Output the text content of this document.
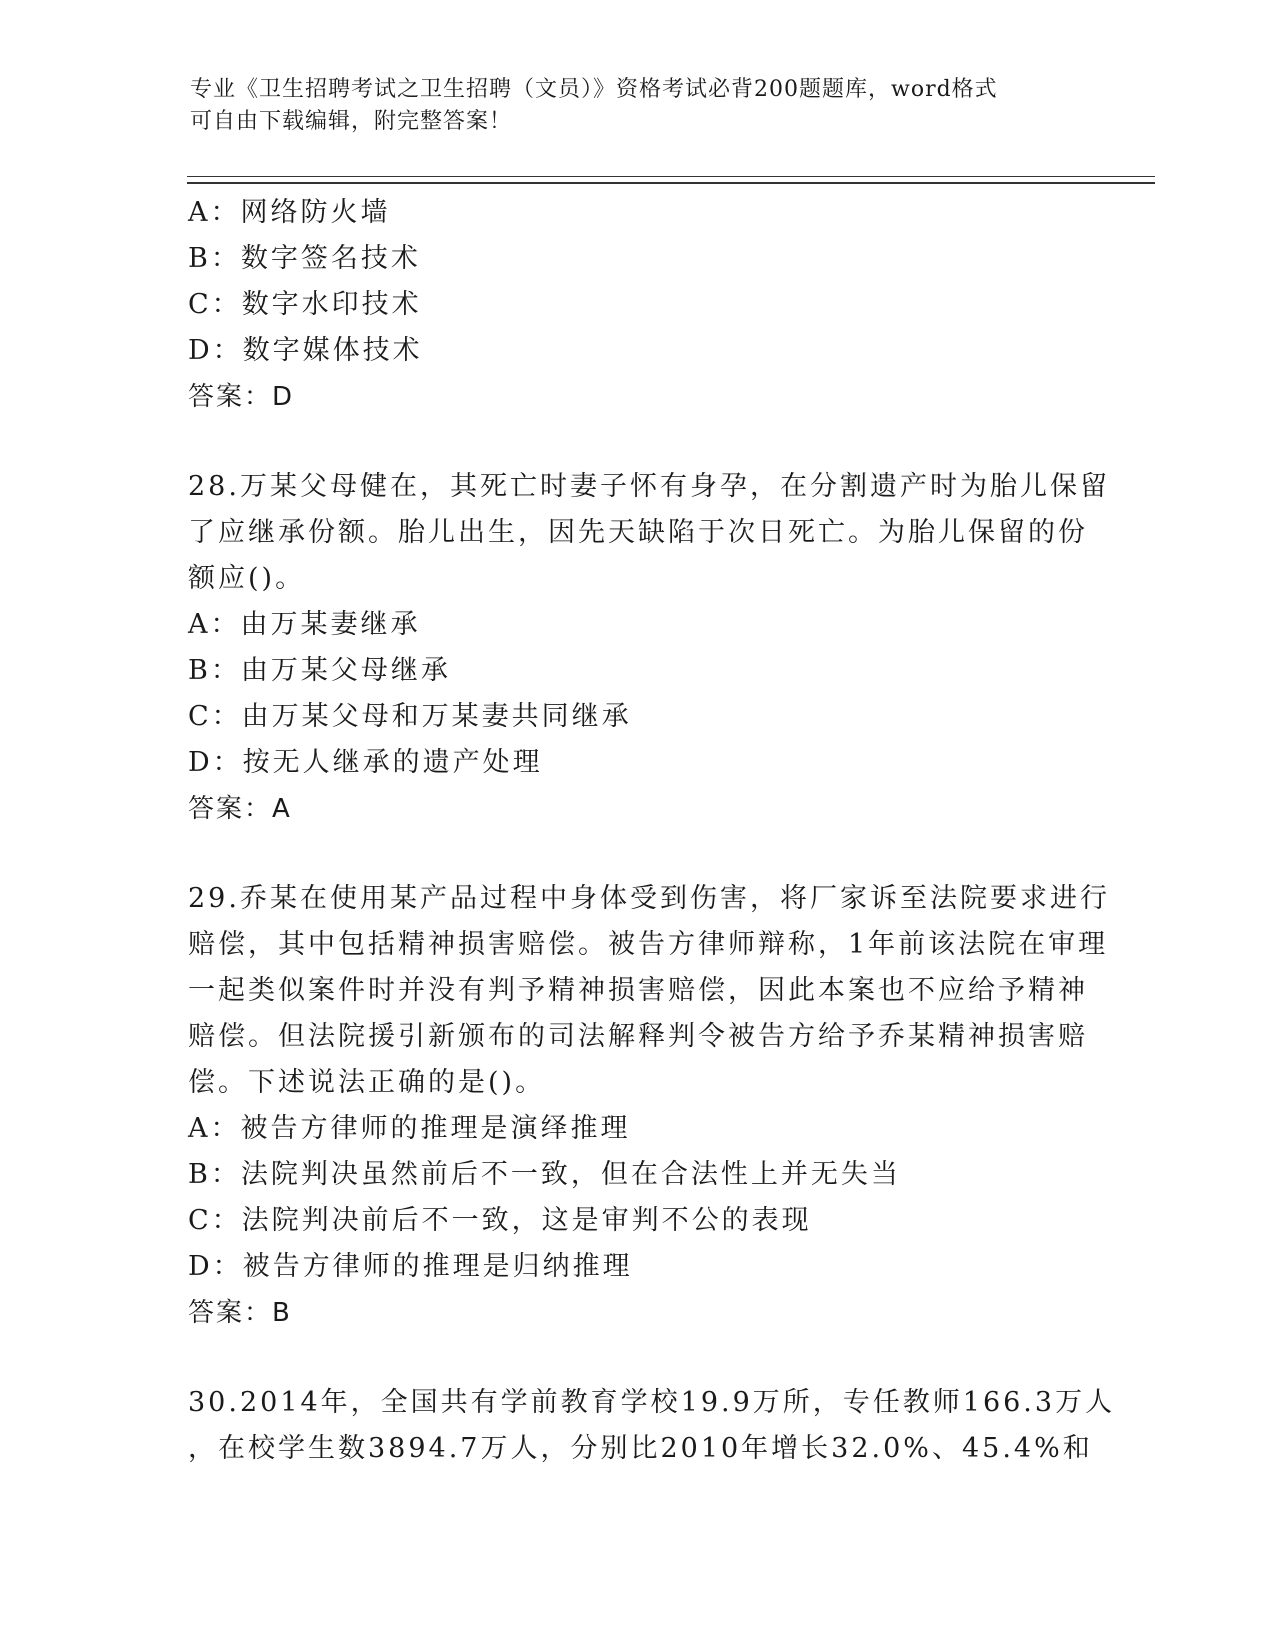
专业《卫生招聘考试之卫生招聘（文员）》资格考试必背200题题库，word格式
可自由下载编辑，附完整答案！
A：网络防火墙
B：数字签名技术
C：数字水印技术
D：数字媒体技术
答案：D
28.万某父母健在，其死亡时妻子怀有身孕，在分割遗产时为胎儿保留
了应继承份额。胎儿出生，因先天缺陷于次日死亡。为胎儿保留的份
额应()。
A：由万某妻继承
B：由万某父母继承
C：由万某父母和万某妻共同继承
D：按无人继承的遗产处理
答案：A
29.乔某在使用某产品过程中身体受到伤害，将厂家诉至法院要求进行
赔偿，其中包括精神损害赔偿。被告方律师辩称，1年前该法院在审理
一起类似案件时并没有判予精神损害赔偿，因此本案也不应给予精神
赔偿。但法院援引新颁布的司法解释判令被告方给予乔某精神损害赔
偿。下述说法正确的是()。
A：被告方律师的推理是演绎推理
B：法院判决虽然前后不一致，但在合法性上并无失当
C：法院判决前后不一致，这是审判不公的表现
D：被告方律师的推理是归纳推理
答案：B
30.2014年，全国共有学前教育学校19.9万所，专任教师166.3万人
，在校学生数3894.7万人，分别比2010年增长32.0%、45.4%和
